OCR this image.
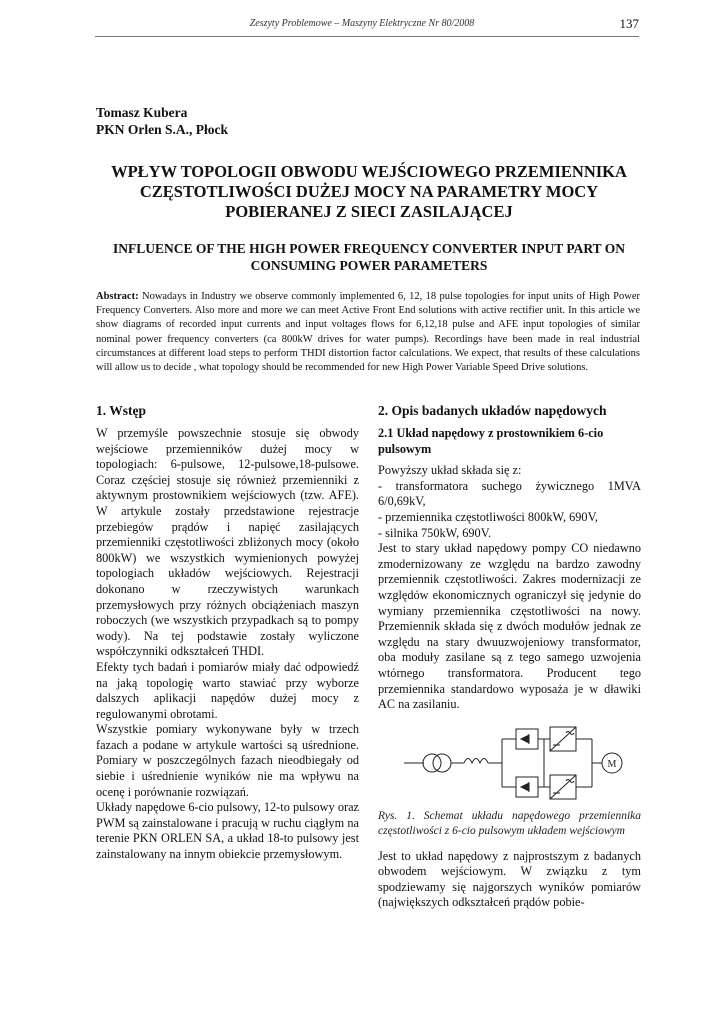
Zeszyty Problemowe – Maszyny Elektryczne Nr 80/2008	137
Tomasz Kubera
PKN Orlen S.A., Płock
WPŁYW TOPOLOGII OBWODU WEJŚCIOWEGO PRZEMIENNIKA CZĘSTOTLIWOŚCI DUŻEJ MOCY NA PARAMETRY MOCY POBIERANEJ Z SIECI ZASILAJĄCEJ
INFLUENCE OF THE HIGH POWER FREQUENCY CONVERTER INPUT PART ON CONSUMING POWER PARAMETERS
Abstract: Nowadays in Industry we observe commonly implemented 6, 12, 18 pulse topologies for input units of High Power Frequency Converters. Also more and more we can meet Active Front End solutions with active rectifier unit. In this article we show diagrams of recorded input currents and input voltages flows for 6,12,18 pulse and AFE input topologies of similar nominal power frequency converters (ca 800kW drives for water pumps). Recordings have been made in real industrial circumstances at different load steps to perform THDI distortion factor calculations. We expect, that results of these calculations will allow us to decide , what topology should be recommended for new High Power Variable Speed Drive solutions.
1. Wstęp

W przemyśle powszechnie stosuje się obwody wejściowe przemienników dużej mocy w topologiach: 6-pulsowe, 12-pulsowe,18-pulsowe. Coraz częściej stosuje się również przemienniki z aktywnym prostownikiem wejściowych (tzw. AFE). W artykule zostały przedstawione rejestracje przebiegów prądów i napięć zasilających przemienniki częstotliwości zbliżonych mocy (około 800kW) we wszystkich wymienionych powyżej topologiach układów wejściowych. Rejestracji dokonano w rzeczywistych warunkach przemysłowych przy różnych obciążeniach maszyn roboczych (we wszystkich przypadkach są to pompy wody). Na tej podstawie zostały wyliczone współczynniki odkształceń THDI.

Efekty tych badań i pomiarów miały dać odpowiedź na jaką topologię warto stawiać przy wyborze dalszych aplikacji napędów dużej mocy z regulowanymi obrotami.

Wszystkie pomiary wykonywane były w trzech fazach a podane w artykule wartości są uśrednione. Pomiary w poszczególnych fazach nieodbiegały od siebie i uśrednienie wyników nie ma wpływu na ocenę i porównanie rozwiązań.

Układy napędowe 6-cio pulsowy, 12-to pulsowy oraz PWM są zainstalowane i pracują w ruchu ciągłym na terenie PKN ORLEN SA, a układ 18-to pulsowy jest zainstalowany na innym obiekcie przemysłowym.

2. Opis badanych układów napędowych
2.1 Układ napędowy z prostownikiem 6-cio pulsowym

Powyższy układ składa się z:

- transformatora suchego żywicznego 1MVA 6/0,69kV,

- przemiennika częstotliwości 800kW, 690V,

- silnika 750kW, 690V.

Jest to stary układ napędowy pompy CO niedawno zmodernizowany ze względu na bardzo zawodny przemiennik częstotliwości. Zakres modernizacji ze względów ekonomicznych ograniczył się jedynie do wymiany przemiennika częstotliwości na nowy. Przemiennik składa się z dwóch modułów jednak ze względu na stary dwuuzwojeniowy transformator, oba moduły zasilane są z tego samego uzwojenia wtórnego transformatora. Producent tego przemiennika standardowo wyposaża je w dławiki AC na zasilaniu.

M

Rys. 1. Schemat układu napędowego przemiennika częstotliwości z 6-cio pulsowym układem wejściowym

Jest to układ napędowy z najprostszym z badanych obwodem wejściowym. W związku z tym spodziewamy się najgorszych wyników pomiarów (największych odkształceń prądów pobie-
